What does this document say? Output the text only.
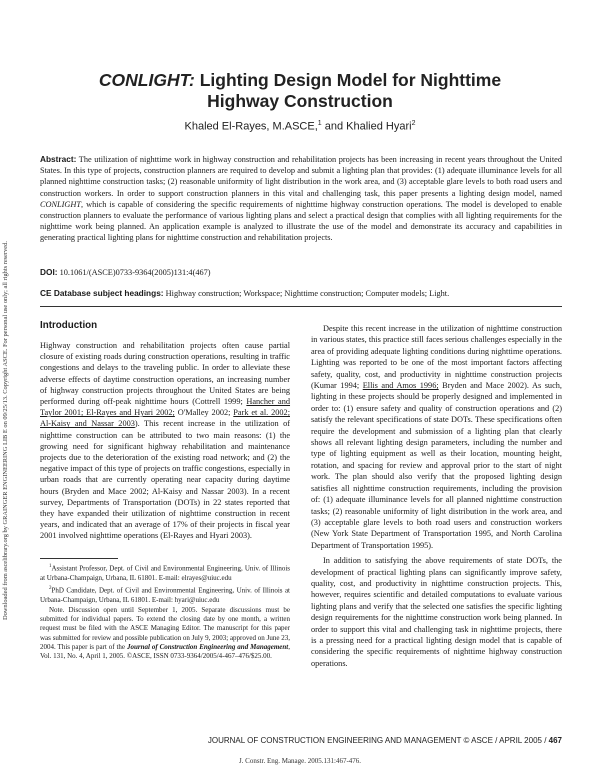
Downloaded from ascelibrary.org by GRAINGER ENGINEERING LIB E on 09/25/13. Copyright ASCE. For personal use only; all rights reserved.
CONLIGHT: Lighting Design Model for Nighttime
Highway Construction
Khaled El-Rayes, M.ASCE,$^1$ and Khalied Hyari$^2$
Abstract: The utilization of nighttime work in highway construction and rehabilitation projects has been increasing in recent years throughout the United States. In this type of projects, construction planners are required to develop and submit a lighting plan that provides: (1) adequate illuminance levels for all planned nighttime construction tasks; (2) reasonable uniformity of light distribution in the work area, and (3) acceptable glare levels to both road users and construction workers. In order to support construction planners in this vital and challenging task, this paper presents a lighting design model, named CONLIGHT, which is capable of considering the specific requirements of nighttime highway construction operations. The model is developed to enable construction planners to evaluate the performance of various lighting plans and select a practical design that complies with all lighting requirements for the nighttime work being planned. An application example is analyzed to illustrate the use of the model and demonstrate its accuracy and capabilities in generating practical lighting plans for nighttime construction and rehabilitation projects.
DOI: 10.1061/(ASCE)0733-9364(2005)131:4(467)
CE Database subject headings: Highway construction; Workspace; Nighttime construction; Computer models; Light.
Introduction

Highway construction and rehabilitation projects often cause partial closure of existing roads during construction operations, resulting in traffic congestions and delays to the traveling public. In order to alleviate these adverse effects of daytime construction operations, an increasing number of highway construction projects throughout the United States are being performed during off-peak nighttime hours (Cottrell 1999; Hancher and Taylor 2001; El-Rayes and Hyari 2002; O'Malley 2002; Park et al. 2002; Al-Kaisy and Nassar 2003). This recent increase in the utilization of nighttime construction can be attributed to two main reasons: (1) the growing need for significant highway rehabilitation and maintenance projects due to the deterioration of the existing road network; and (2) the negative impact of this type of projects on traffic congestions, especially in urban roads that are currently operating near capacity during daytime hours (Bryden and Mace 2002; Al-Kaisy and Nassar 2003). In a recent survey, Departments of Transportation (DOTs) in 22 states reported that they have expanded their utilization of nighttime construction in recent years, and indicated that an average of 17% of their projects in fiscal year 2001 involved nighttime operations (El-Rayes and Hyari 2003).

$^1$Assistant Professor, Dept. of Civil and Environmental Engineering, Univ. of Illinois at Urbana-Champaign, Urbana, IL 61801. E-mail: elrayes@uiuc.edu

$^2$PhD Candidate, Dept. of Civil and Environmental Engineering, Univ. of Illinois at Urbana-Champaign, Urbana, IL 61801. E-mail: hyari@uiuc.edu

Note. Discussion open until September 1, 2005. Separate discussions must be submitted for individual papers. To extend the closing date by one month, a written request must be filed with the ASCE Managing Editor. The manuscript for this paper was submitted for review and possible publication on July 9, 2003; approved on June 23, 2004. This paper is part of the Journal of Construction Engineering and Management, Vol. 131, No. 4, April 1, 2005. ©ASCE, ISSN 0733-9364/2005/4-467–476/$25.00.

Despite this recent increase in the utilization of nighttime construction in various states, this practice still faces serious challenges especially in the area of providing adequate lighting conditions during nighttime operations. Lighting was reported to be one of the most important factors affecting safety, quality, cost, and productivity in nighttime construction projects (Kumar 1994; Ellis and Amos 1996; Bryden and Mace 2002). As such, lighting in these projects should be properly designed and implemented in order to: (1) ensure safety and quality of construction operations and (2) satisfy the relevant specifications of state DOTs. These specifications often require the development and submission of a lighting plan that clearly shows all relevant lighting design parameters, including the number and type of lighting equipment as well as their location, mounting height, rotation, and spacing for review and approval prior to the start of night work. The plan should also verify that the proposed lighting design satisfies all nighttime construction requirements, including the provision of: (1) adequate illuminance levels for all planned nighttime construction tasks; (2) reasonable uniformity of light distribution in the work area, and (3) acceptable glare levels to both road users and construction workers (New York State Department of Transportation 1995, and North Carolina Department of Transportation 1995).

In addition to satisfying the above requirements of state DOTs, the development of practical lighting plans can significantly improve safety, quality, cost, and productivity in nighttime construction projects. This, however, requires scientific and detailed computations to evaluate various lighting plans and verify that the selected one satisfies the specific lighting design requirements for the nighttime construction work being planned. In order to support this vital and challenging task in nighttime projects, there is a pressing need for a practical lighting design model that is capable of considering the specific requirements of nighttime highway construction operations.

JOURNAL OF CONSTRUCTION ENGINEERING AND MANAGEMENT © ASCE / APRIL 2005 / 467
J. Constr. Eng. Manage. 2005.131:467-476.
